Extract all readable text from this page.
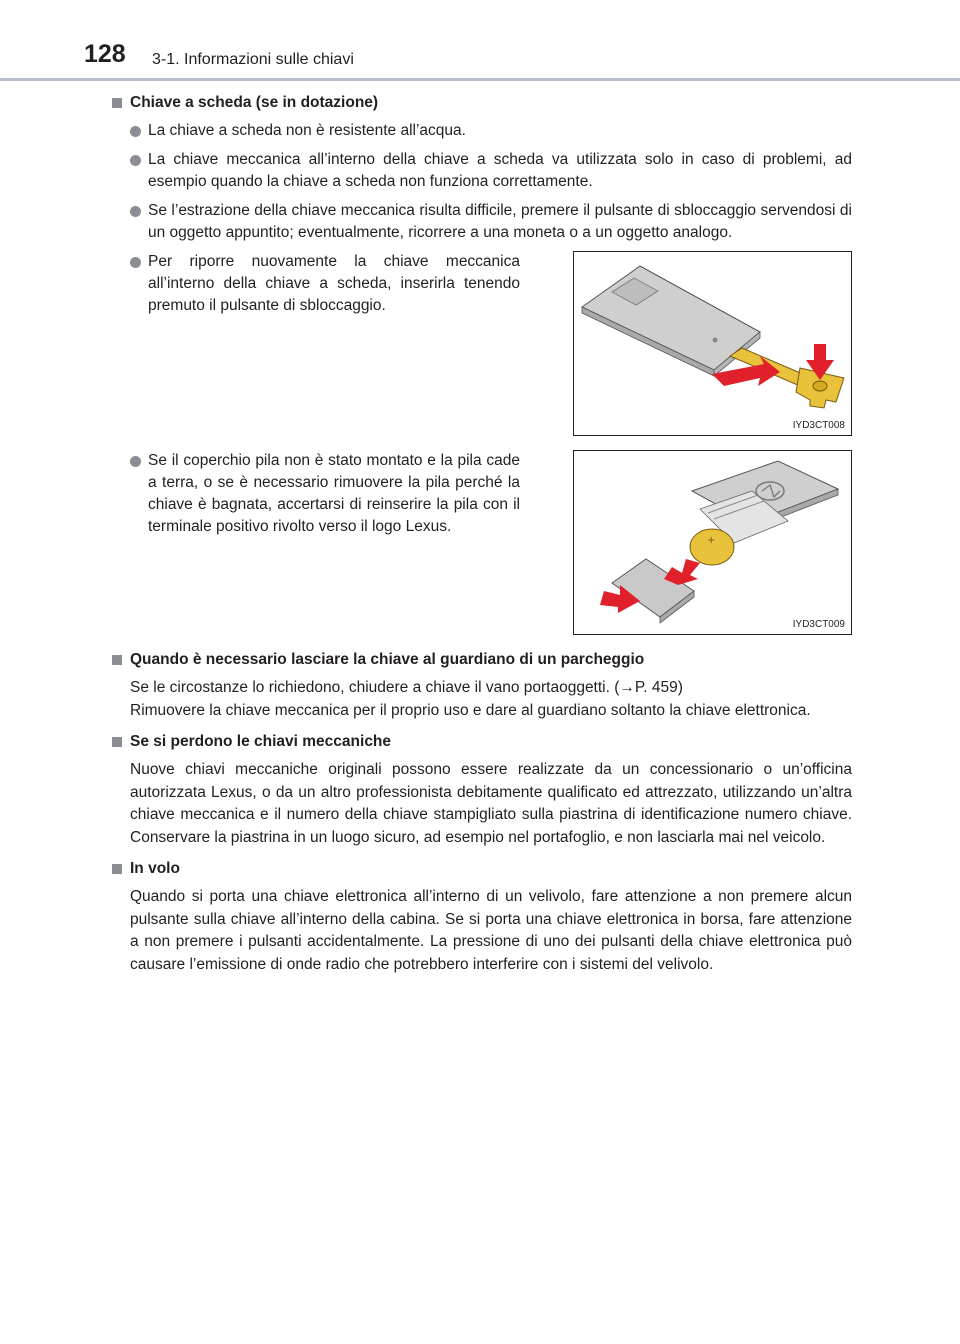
128 3-1. Informazioni sulle chiavi
Chiave a scheda (se in dotazione)
La chiave a scheda non è resistente all’acqua.
La chiave meccanica all’interno della chiave a scheda va utilizzata solo in caso di problemi, ad esempio quando la chiave a scheda non funziona correttamente.
Se l’estrazione della chiave meccanica risulta difficile, premere il pulsante di sbloccaggio servendosi di un oggetto appuntito; eventualmente, ricorrere a una moneta o a un oggetto analogo.
Per riporre nuovamente la chiave meccanica all’interno della chiave a scheda, inserirla tenendo premuto il pulsante di sbloccaggio.
IYD3CT008
Se il coperchio pila non è stato montato e la pila cade a terra, o se è necessario rimuovere la pila perché la chiave è bagnata, accertarsi di reinserire la pila con il terminale positivo rivolto verso il logo Lexus.
+
IYD3CT009
Quando è necessario lasciare la chiave al guardiano di un parcheggio
Se le circostanze lo richiedono, chiudere a chiave il vano portaoggetti. (→P. 459)
Rimuovere la chiave meccanica per il proprio uso e dare al guardiano soltanto la chiave elettronica.
Se si perdono le chiavi meccaniche
Nuove chiavi meccaniche originali possono essere realizzate da un concessionario o un’officina autorizzata Lexus, o da un altro professionista debitamente qualificato ed attrezzato, utilizzando un’altra chiave meccanica e il numero della chiave stampigliato sulla piastrina di identificazione numero chiave. Conservare la piastrina in un luogo sicuro, ad esempio nel portafoglio, e non lasciarla mai nel veicolo.
In volo
Quando si porta una chiave elettronica all’interno di un velivolo, fare attenzione a non premere alcun pulsante sulla chiave all’interno della cabina. Se si porta una chiave elettronica in borsa, fare attenzione a non premere i pulsanti accidentalmente. La pressione di uno dei pulsanti della chiave elettronica può causare l’emissione di onde radio che potrebbero interferire con i sistemi del velivolo.
